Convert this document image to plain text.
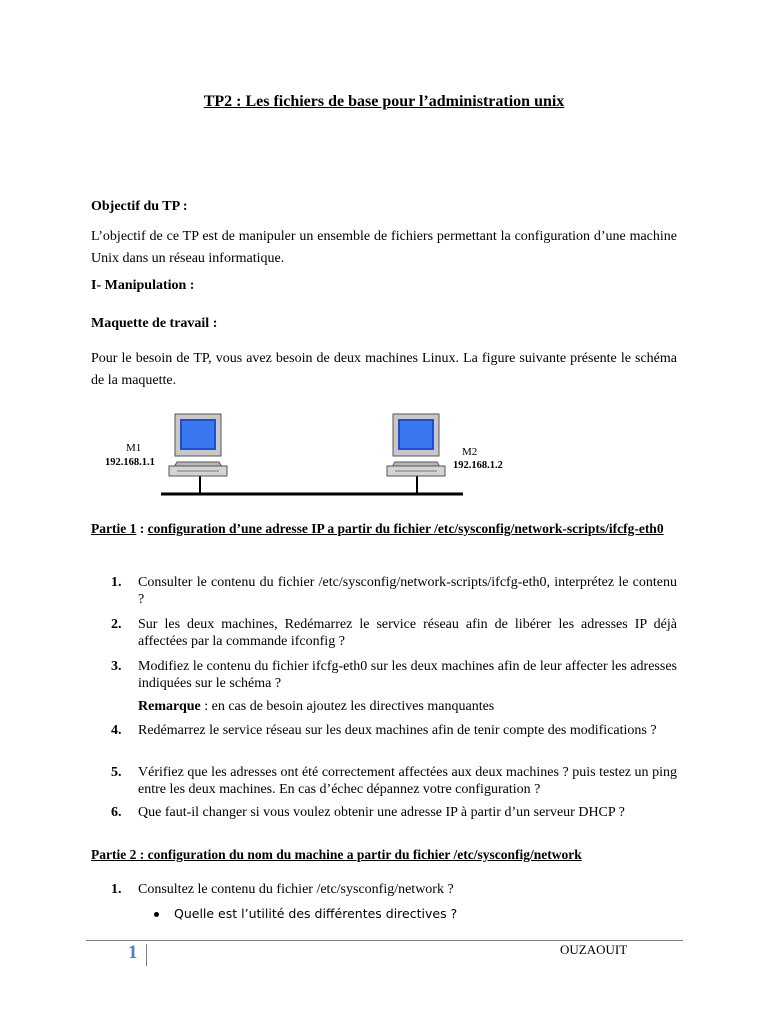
TP2 : Les fichiers de base pour l’administration unix
Objectif du TP :
L’objectif de ce TP est de manipuler un ensemble de fichiers permettant la configuration d’une machine Unix dans un réseau informatique.
I- Manipulation :
Maquette de travail :
Pour le besoin de TP, vous avez besoin de deux machines Linux. La figure suivante présente le schéma de la maquette.
M1
192.168.1.1
M2
192.168.1.2
Partie 1 : configuration d’une adresse IP a partir du fichier /etc/sysconfig/network-scripts/ifcfg-eth0
1.	Consulter le contenu du fichier /etc/sysconfig/network-scripts/ifcfg-eth0, interprétez le contenu ?
2.	Sur les deux machines, Redémarrez le service réseau afin de libérer les adresses IP déjà affectées par la commande ifconfig ?
3.	Modifiez le contenu du fichier ifcfg-eth0 sur les deux machines afin de leur affecter les adresses indiquées sur le schéma ?
Remarque : en cas de besoin ajoutez les directives manquantes
4.	Redémarrez le service réseau sur les deux machines afin de tenir compte des modifications ?
5.	Vérifiez que les adresses ont été correctement affectées aux deux machines ? puis testez un ping entre les deux machines. En cas d’échec dépannez votre configuration ?
6.	Que faut-il changer si vous voulez obtenir une adresse IP à partir d’un serveur DHCP ?
Partie 2 : configuration du nom du machine a partir du fichier /etc/sysconfig/network
1.	Consultez le contenu du fichier /etc/sysconfig/network ?
Quelle est l’utilité des différentes directives ?
1	OUZAOUIT
